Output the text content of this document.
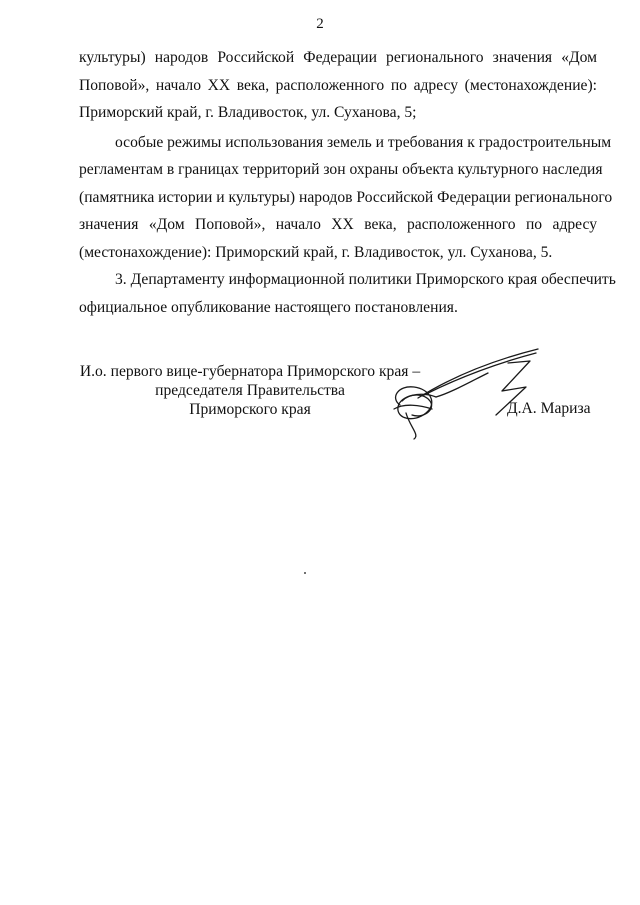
2
культуры) народов Российской Федерации регионального значения «Дом
Поповой», начало XX века, расположенного по адресу (местонахождение):
Приморский край, г. Владивосток, ул. Суханова, 5;
особые режимы использования земель и требования к градостроительным
регламентам в границах территорий зон охраны объекта культурного наследия
(памятника истории и культуры) народов Российской Федерации регионального
значения «Дом Поповой», начало XX века, расположенного по адресу
(местонахождение): Приморский край, г. Владивосток, ул. Суханова, 5.
3. Департаменту информационной политики Приморского края обеспечить
официальное опубликование настоящего постановления.
И.о. первого вице-губернатора Приморского края –
председателя Правительства
Приморского края	Д.А. Мариза
